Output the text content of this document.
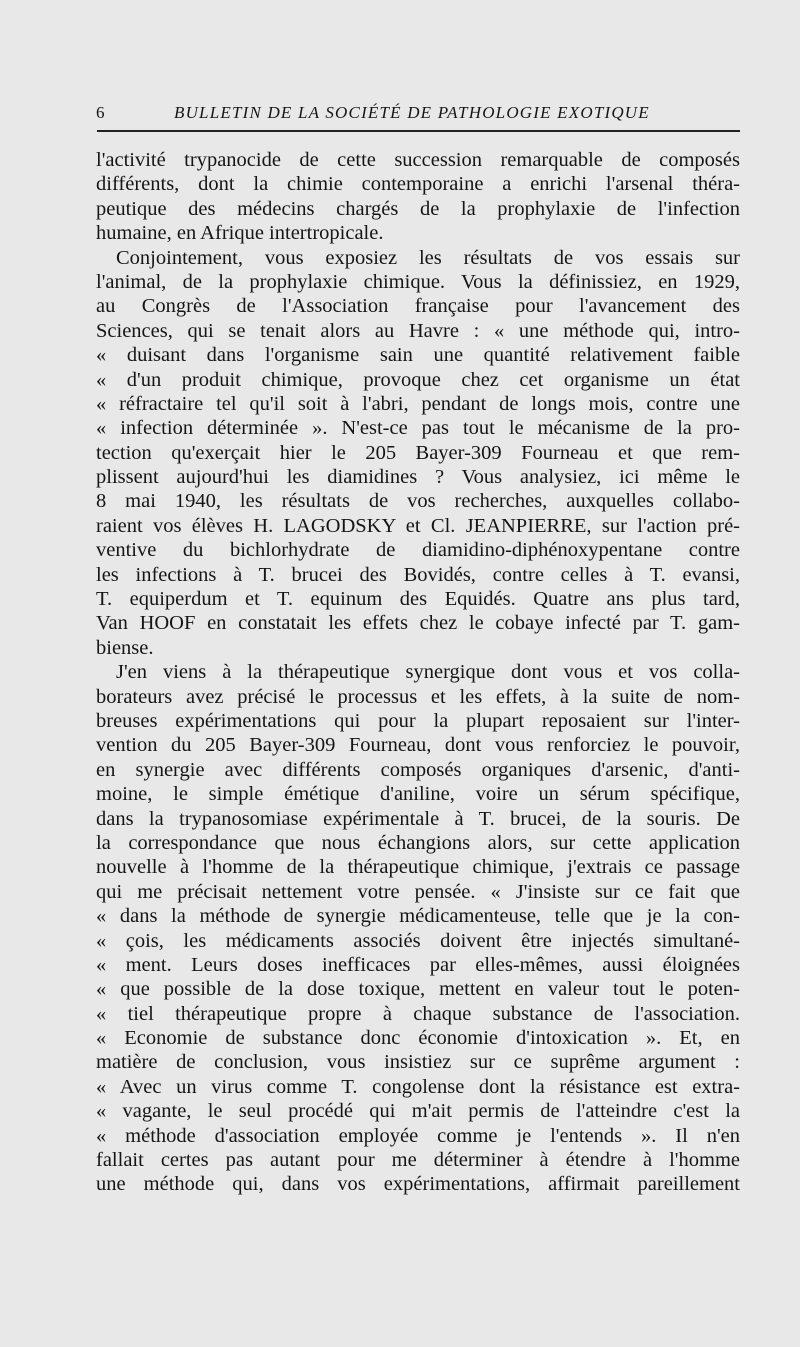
6	BULLETIN DE LA SOCIÉTÉ DE PATHOLOGIE EXOTIQUE
l'activité trypanocide de cette succession remarquable de composés
différents, dont la chimie contemporaine a enrichi l'arsenal théra-
peutique des médecins chargés de la prophylaxie de l'infection
humaine, en Afrique intertropicale.
Conjointement, vous exposiez les résultats de vos essais sur
l'animal, de la prophylaxie chimique. Vous la définissiez, en 1929,
au Congrès de l'Association française pour l'avancement des
Sciences, qui se tenait alors au Havre : « une méthode qui, intro-
« duisant dans l'organisme sain une quantité relativement faible
« d'un produit chimique, provoque chez cet organisme un état
« réfractaire tel qu'il soit à l'abri, pendant de longs mois, contre une
« infection déterminée ». N'est-ce pas tout le mécanisme de la pro-
tection qu'exerçait hier le 205 Bayer-309 Fourneau et que rem-
plissent aujourd'hui les diamidines ? Vous analysiez, ici même le
8 mai 1940, les résultats de vos recherches, auxquelles collabo-
raient vos élèves H. LAGODSKY et Cl. JEANPIERRE, sur l'action pré-
ventive du bichlorhydrate de diamidino-diphénoxypentane contre
les infections à T. brucei des Bovidés, contre celles à T. evansi,
T. equiperdum et T. equinum des Equidés. Quatre ans plus tard,
Van HOOF en constatait les effets chez le cobaye infecté par T. gam-
biense.
J'en viens à la thérapeutique synergique dont vous et vos colla-
borateurs avez précisé le processus et les effets, à la suite de nom-
breuses expérimentations qui pour la plupart reposaient sur l'inter-
vention du 205 Bayer-309 Fourneau, dont vous renforciez le pouvoir,
en synergie avec différents composés organiques d'arsenic, d'anti-
moine, le simple émétique d'aniline, voire un sérum spécifique,
dans la trypanosomiase expérimentale à T. brucei, de la souris. De
la correspondance que nous échangions alors, sur cette application
nouvelle à l'homme de la thérapeutique chimique, j'extrais ce passage
qui me précisait nettement votre pensée. « J'insiste sur ce fait que
« dans la méthode de synergie médicamenteuse, telle que je la con-
« çois, les médicaments associés doivent être injectés simultané-
« ment. Leurs doses inefficaces par elles-mêmes, aussi éloignées
« que possible de la dose toxique, mettent en valeur tout le poten-
« tiel thérapeutique propre à chaque substance de l'association.
« Economie de substance donc économie d'intoxication ». Et, en
matière de conclusion, vous insistiez sur ce suprême argument :
« Avec un virus comme T. congolense dont la résistance est extra-
« vagante, le seul procédé qui m'ait permis de l'atteindre c'est la
« méthode d'association employée comme je l'entends ». Il n'en
fallait certes pas autant pour me déterminer à étendre à l'homme
une méthode qui, dans vos expérimentations, affirmait pareillement
